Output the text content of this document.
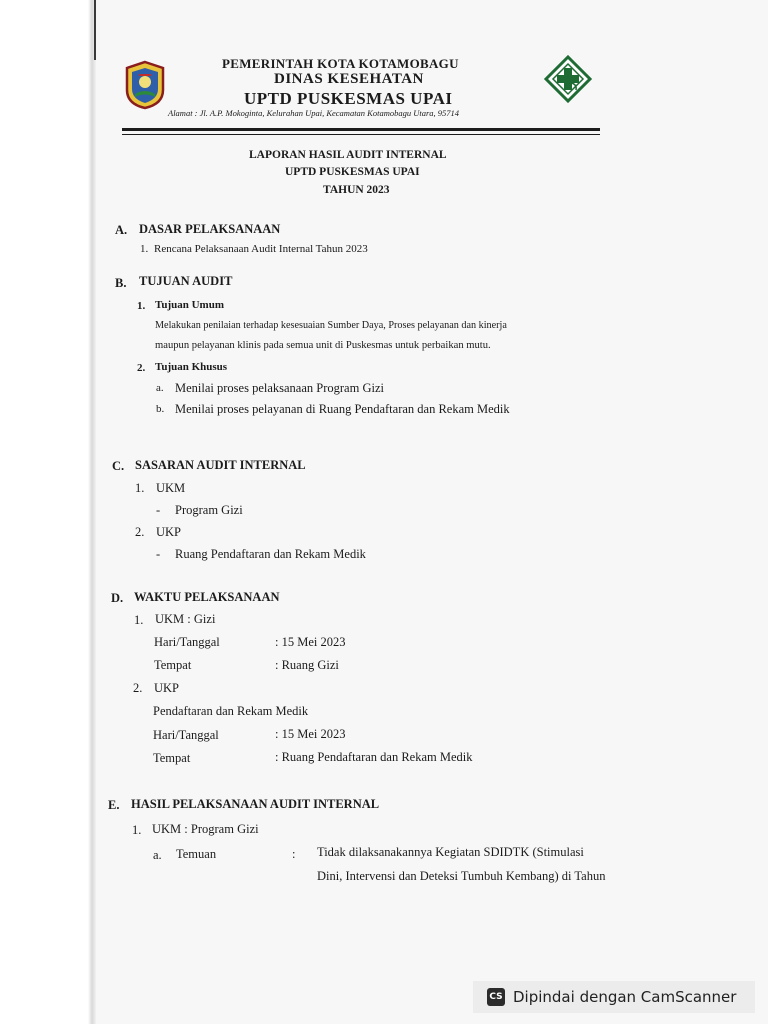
PEMERINTAH KOTA KOTAMOBAGU
DINAS KESEHATAN
UPTD PUSKESMAS UPAI
Alamat : Jl. A.P. Mokoginta, Kelurahan Upai, Kecamatan Kotamobagu Utara, 95714
LAPORAN HASIL AUDIT INTERNAL
UPTD PUSKESMAS UPAI
TAHUN 2023
A. DASAR PELAKSANAAN
1. Rencana Pelaksanaan Audit Internal Tahun 2023
B. TUJUAN AUDIT
1. Tujuan Umum
Melakukan penilaian terhadap kesesuaian Sumber Daya, Proses pelayanan dan kinerja
maupun pelayanan klinis pada semua unit di Puskesmas untuk perbaikan mutu.
2. Tujuan Khusus
a. Menilai proses pelaksanaan Program Gizi
b. Menilai proses pelayanan di Ruang Pendaftaran dan Rekam Medik
C. SASARAN AUDIT INTERNAL
1. UKM
- Program Gizi
2. UKP
- Ruang Pendaftaran dan Rekam Medik
D. WAKTU PELAKSANAAN
1. UKM : Gizi
Hari/Tanggal	: 15 Mei 2023
Tempat	: Ruang Gizi
2. UKP
Pendaftaran dan Rekam Medik
Hari/Tanggal	: 15 Mei 2023
Tempat	: Ruang Pendaftaran dan Rekam Medik
E. HASIL PELAKSANAAN AUDIT INTERNAL
1. UKM : Program Gizi
a. Temuan	: Tidak dilaksanakannya Kegiatan SDIDTK (Stimulasi
Dini, Intervensi dan Deteksi Tumbuh Kembang) di Tahun
CS Dipindai dengan CamScanner
